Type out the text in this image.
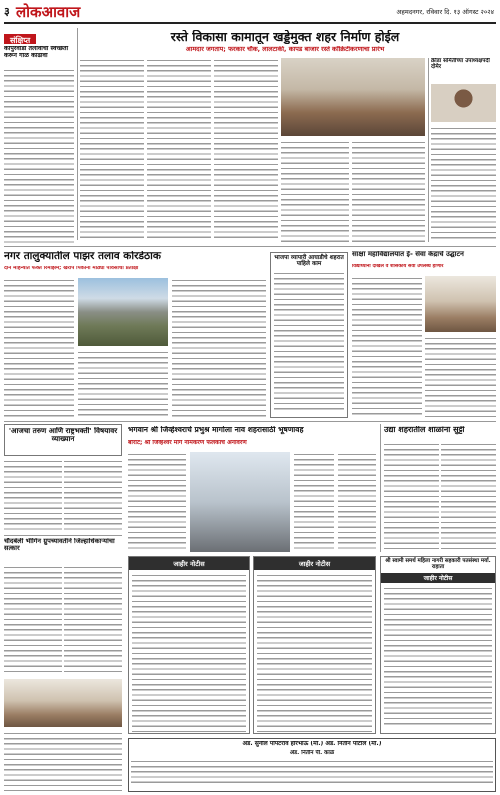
३ लोकआवाज	अहमदनगर, रविवार दि. १३ ऑगस्ट २०२४
संक्षिप्त
कापुरवाडी तलावाची स्वच्छता करून गाळ काढावा
रस्ते विकासा कामातून खड्डेमुक्त शहर निर्माण होईल
आमदार जगताप; फरकार चौक, लालटाकी, कापड बाजार रस्ते काँक्रिटीकरणाचा प्रारंभ
क्रीडा समितीच्या उपाध्यक्षपदी दोमेर
नगर तालुक्यातील पाझर तलाव कोरडेठाक
दोन महिन्यात फक्त रिमझिम; खरीप पिकांना मोठ्या पावसाची प्रतीक्षा
भाजपा व्यापारी आघाडीचे शहरात पाहिले काम
साक्षा महाविद्यालयात ई- सेवा केंद्राचे उद्घाटन
विद्यार्थ्यांना दाखले व शासकीय सेवा उपलब्ध होणार
'आजचा तरुण आणि राष्ट्रभक्ती' विषयावर व्याख्यान
चौदबेली भीगिन ग्रुपच्यावतीने जिल्हाधिकाऱ्यांचा सत्कार
भगवान श्री जिव्हेश्वराचे प्रभुश्र मार्गाला नाव शहरासाठी भूषणावह
बोराटे; श्री जिव्हेश्वर मार्ग नामकरण फलकाचे अनावरण
उद्या शहरातील शाळांना सुट्टी
जाहीर नोटीस	जाहीर नोटीस	श्री स्वामी समर्थ महिला नागरी सहकारी पतसंस्था मर्या. राहाता
जाहीर नोटीस
ॲड. सुनील पोपटराव हरिभाऊ (मो.) ॲड. नितीन पाटील (मो.)
ॲड. नितीन पी. काळे
